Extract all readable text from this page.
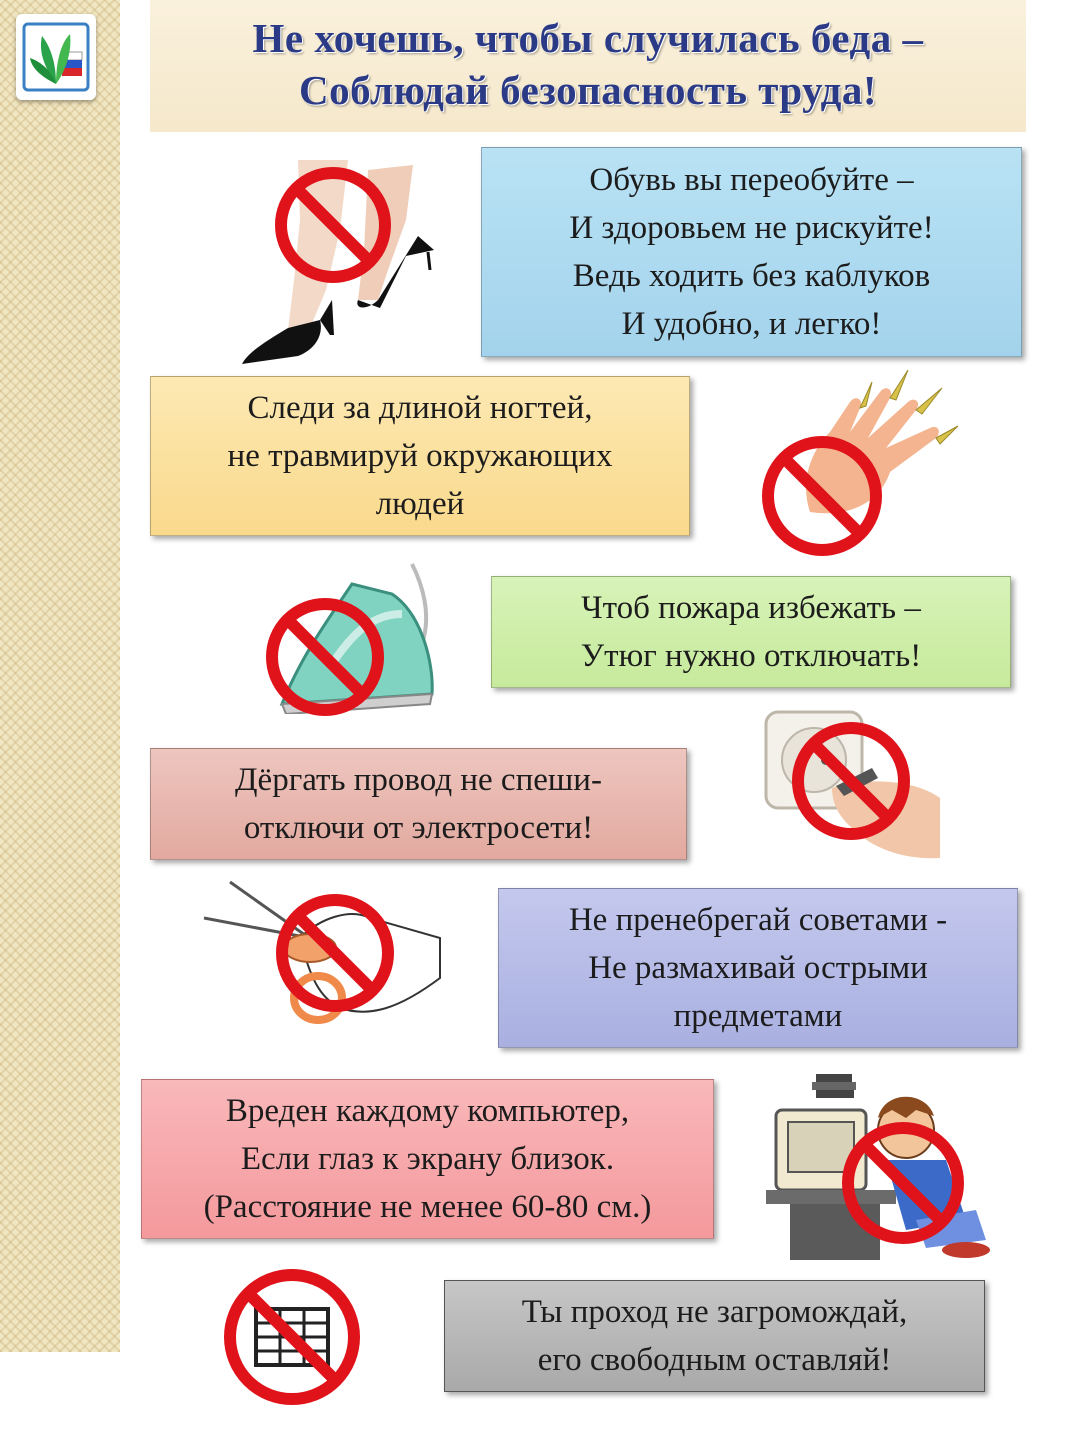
Не хочешь, чтобы случилась беда –
Соблюдай безопасность труда!
Обувь вы переобуйте –
И здоровьем не рискуйте!
Ведь ходить без каблуков
И удобно, и легко!
Следи за длиной ногтей,
не травмируй окружающих
людей
Чтоб пожара избежать –
Утюг нужно отключать!
Дёргать провод не спеши-
отключи от электросети!
Не пренебрегай советами -
Не размахивай острыми
предметами
Вреден каждому компьютер,
Если глаз к экрану близок.
(Расстояние не менее 60-80 см.)
Ты проход не загромождай,
его свободным оставляй!
